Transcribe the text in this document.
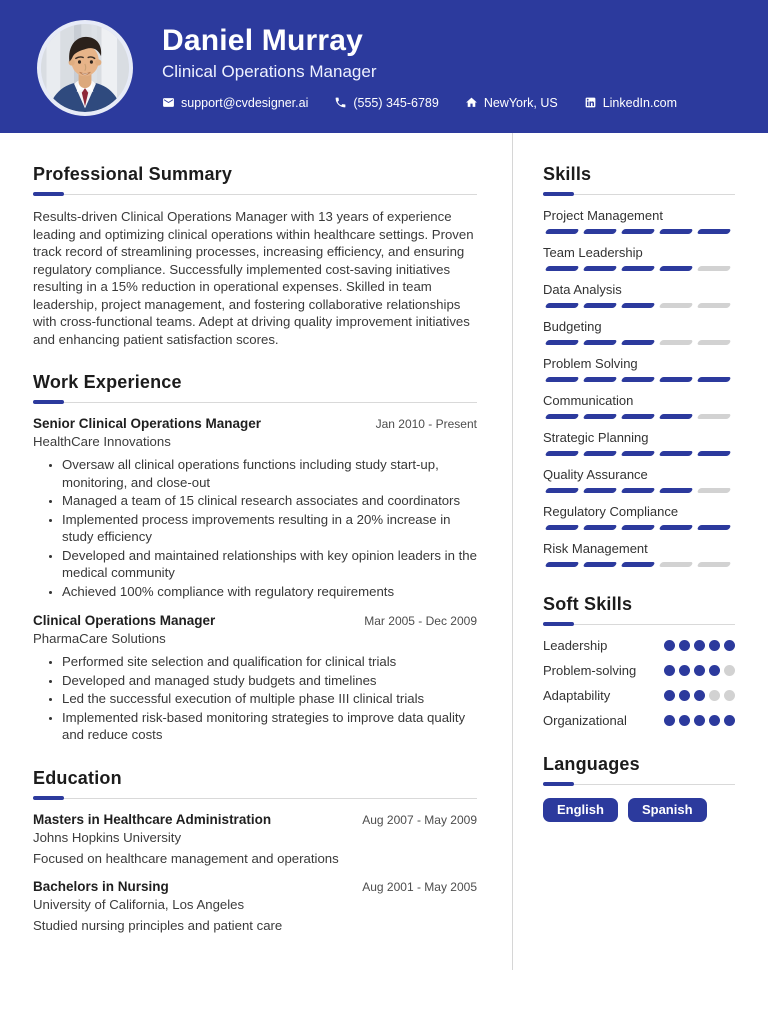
Daniel Murray
Clinical Operations Manager
support@cvdesigner.ai	(555) 345-6789	NewYork, US	LinkedIn.com
Professional Summary

Results-driven Clinical Operations Manager with 13 years of experience leading and optimizing clinical operations within healthcare settings. Proven track record of streamlining processes, increasing efficiency, and ensuring regulatory compliance. Successfully implemented cost-saving initiatives resulting in a 15% reduction in operational expenses. Skilled in team leadership, project management, and fostering collaborative relationships with cross-functional teams. Adept at driving quality improvement initiatives and enhancing patient satisfaction scores.

Work Experience
Senior Clinical Operations Manager	Jan 2010 - Present
HealthCare Innovations
• Oversaw all clinical operations functions including study start-up, monitoring, and close-out
• Managed a team of 15 clinical research associates and coordinators
• Implemented process improvements resulting in a 20% increase in study efficiency
• Developed and maintained relationships with key opinion leaders in the medical community
• Achieved 100% compliance with regulatory requirements
Clinical Operations Manager	Mar 2005 - Dec 2009
PharmaCare Solutions
• Performed site selection and qualification for clinical trials
• Developed and managed study budgets and timelines
• Led the successful execution of multiple phase III clinical trials
• Implemented risk-based monitoring strategies to improve data quality and reduce costs
Education
Masters in Healthcare Administration	Aug 2007 - May 2009
Johns Hopkins University
Focused on healthcare management and operations
Bachelors in Nursing	Aug 2001 - May 2005
University of California, Los Angeles
Studied nursing principles and patient care
Skills
Project Management
Team Leadership
Data Analysis
Budgeting
Problem Solving
Communication
Strategic Planning
Quality Assurance
Regulatory Compliance
Risk Management
Soft Skills
Leadership
Problem-solving
Adaptability
Organizational
Languages
English	Spanish
